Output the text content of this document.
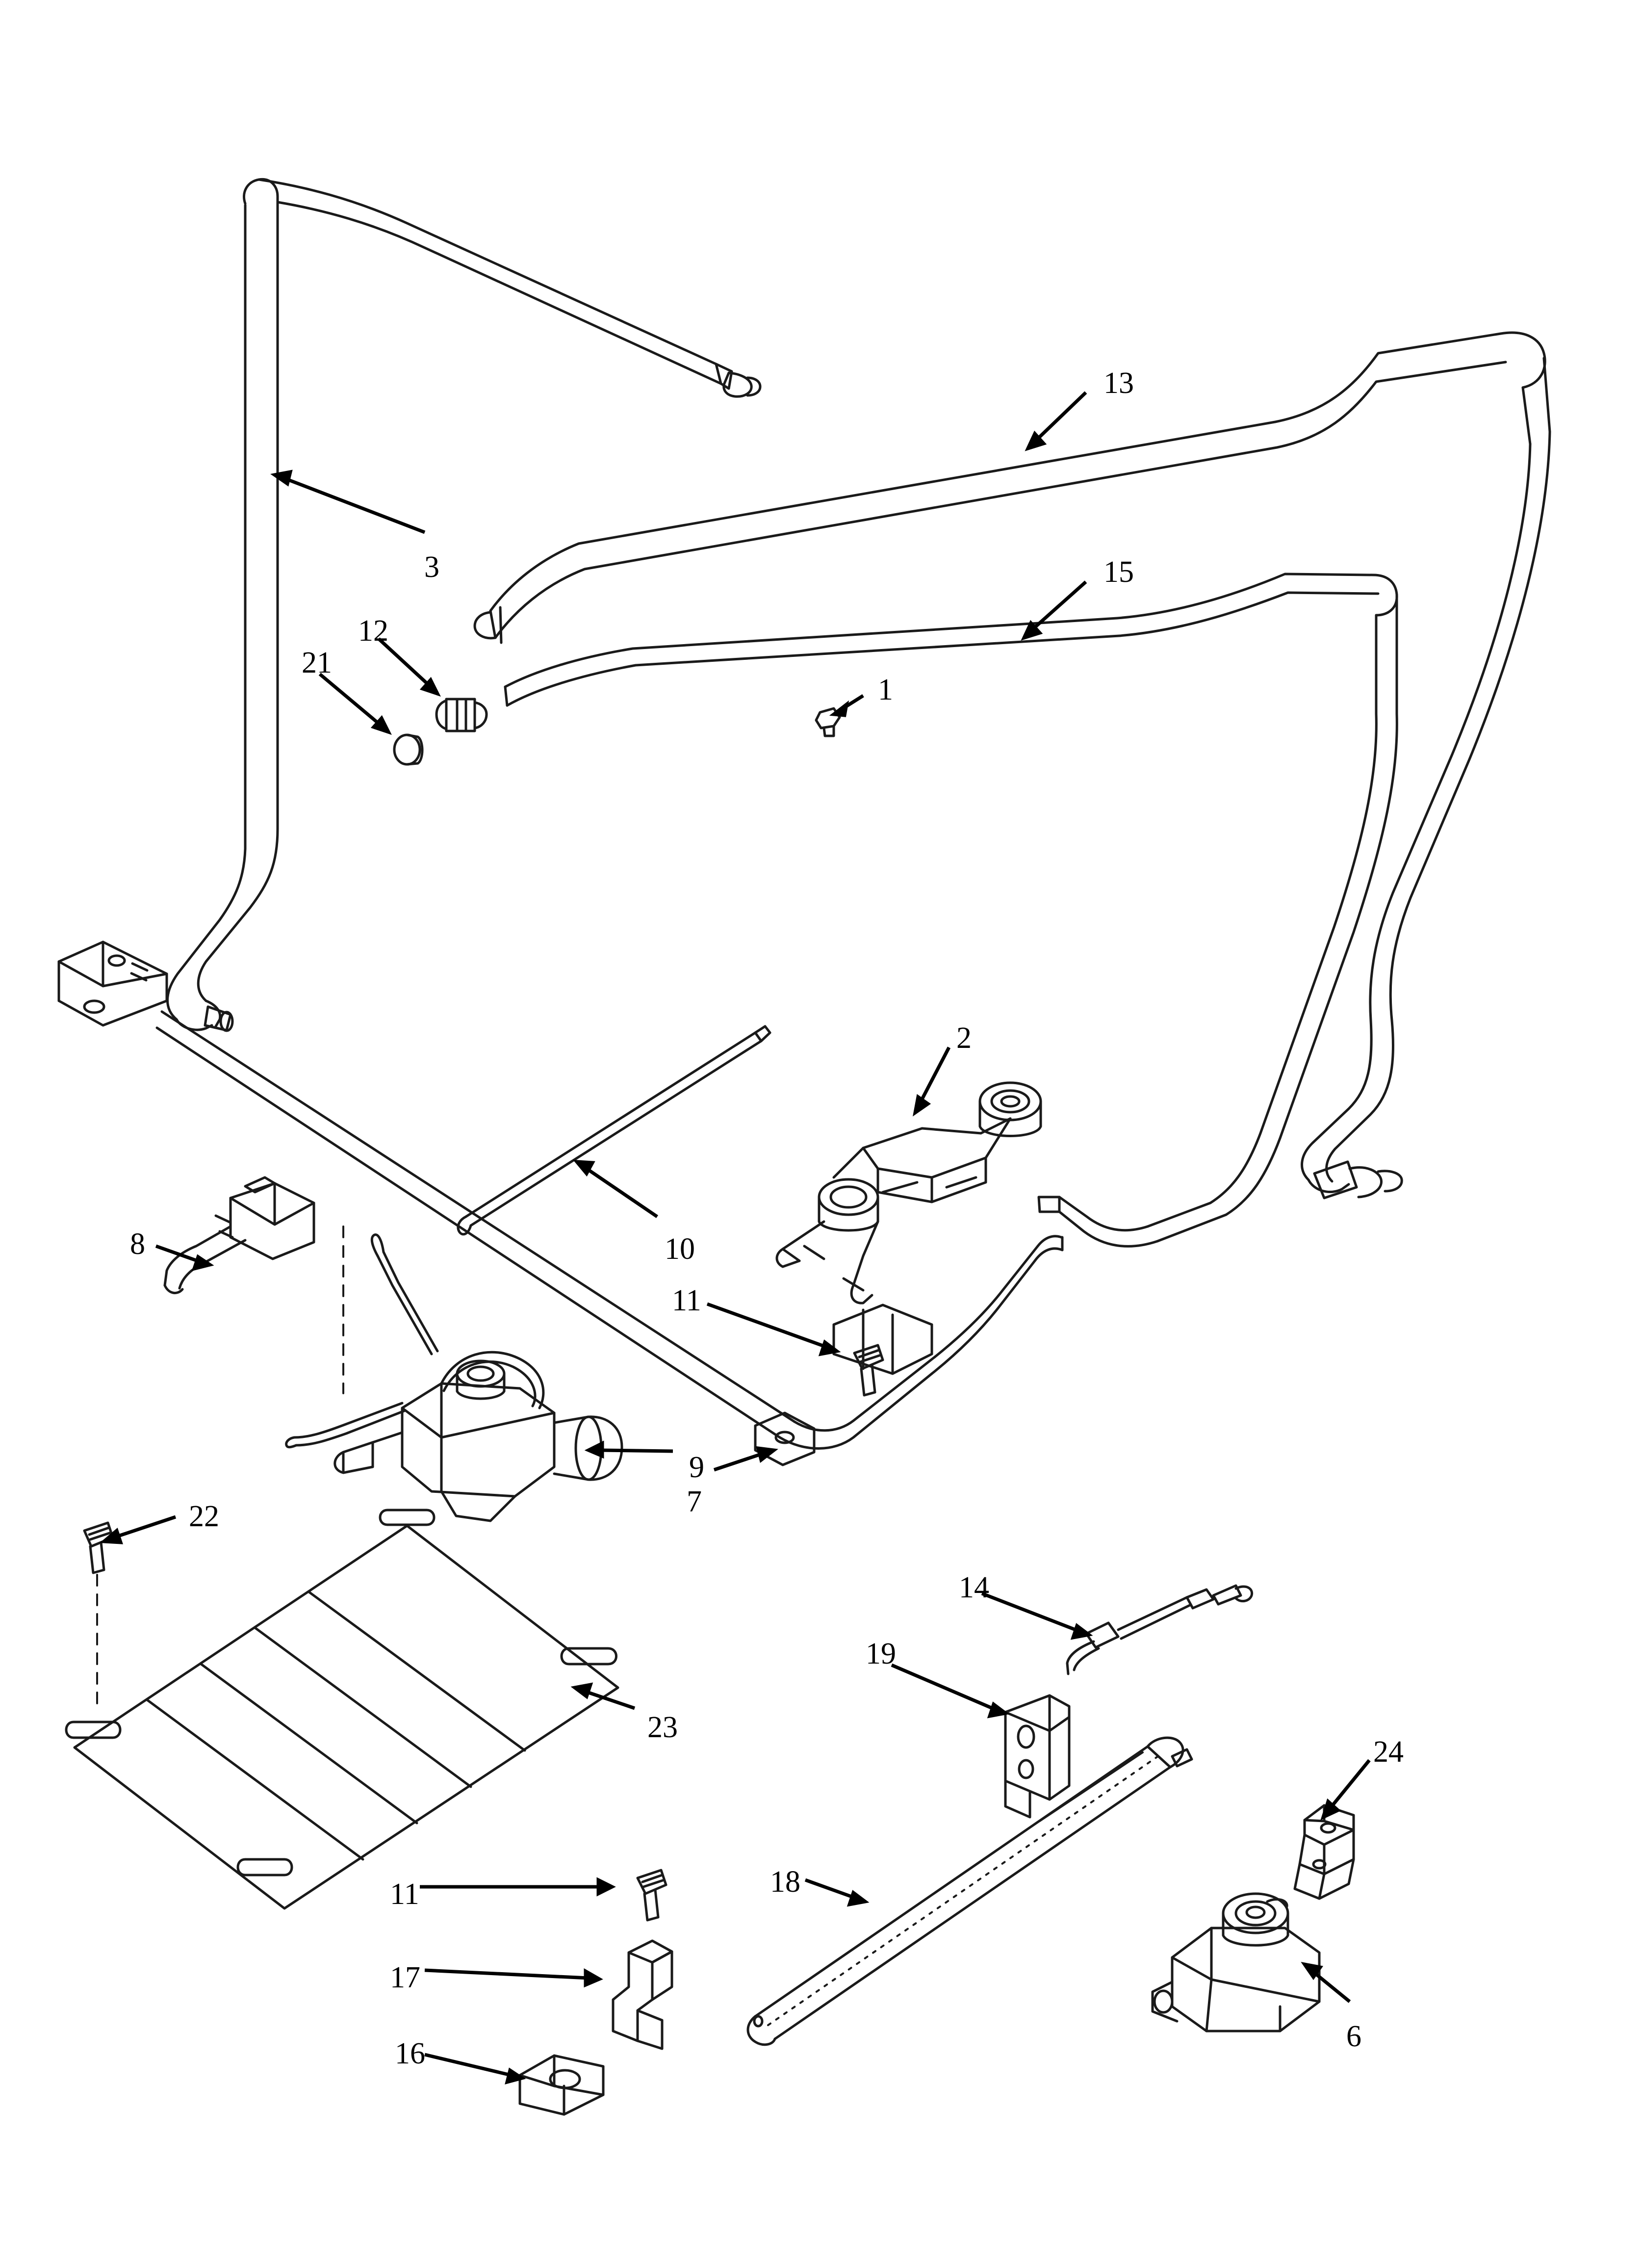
1
2
3
6
7
8
9
10
11
11
12
13
14
15
16
17
18
19
21
22
23
24
